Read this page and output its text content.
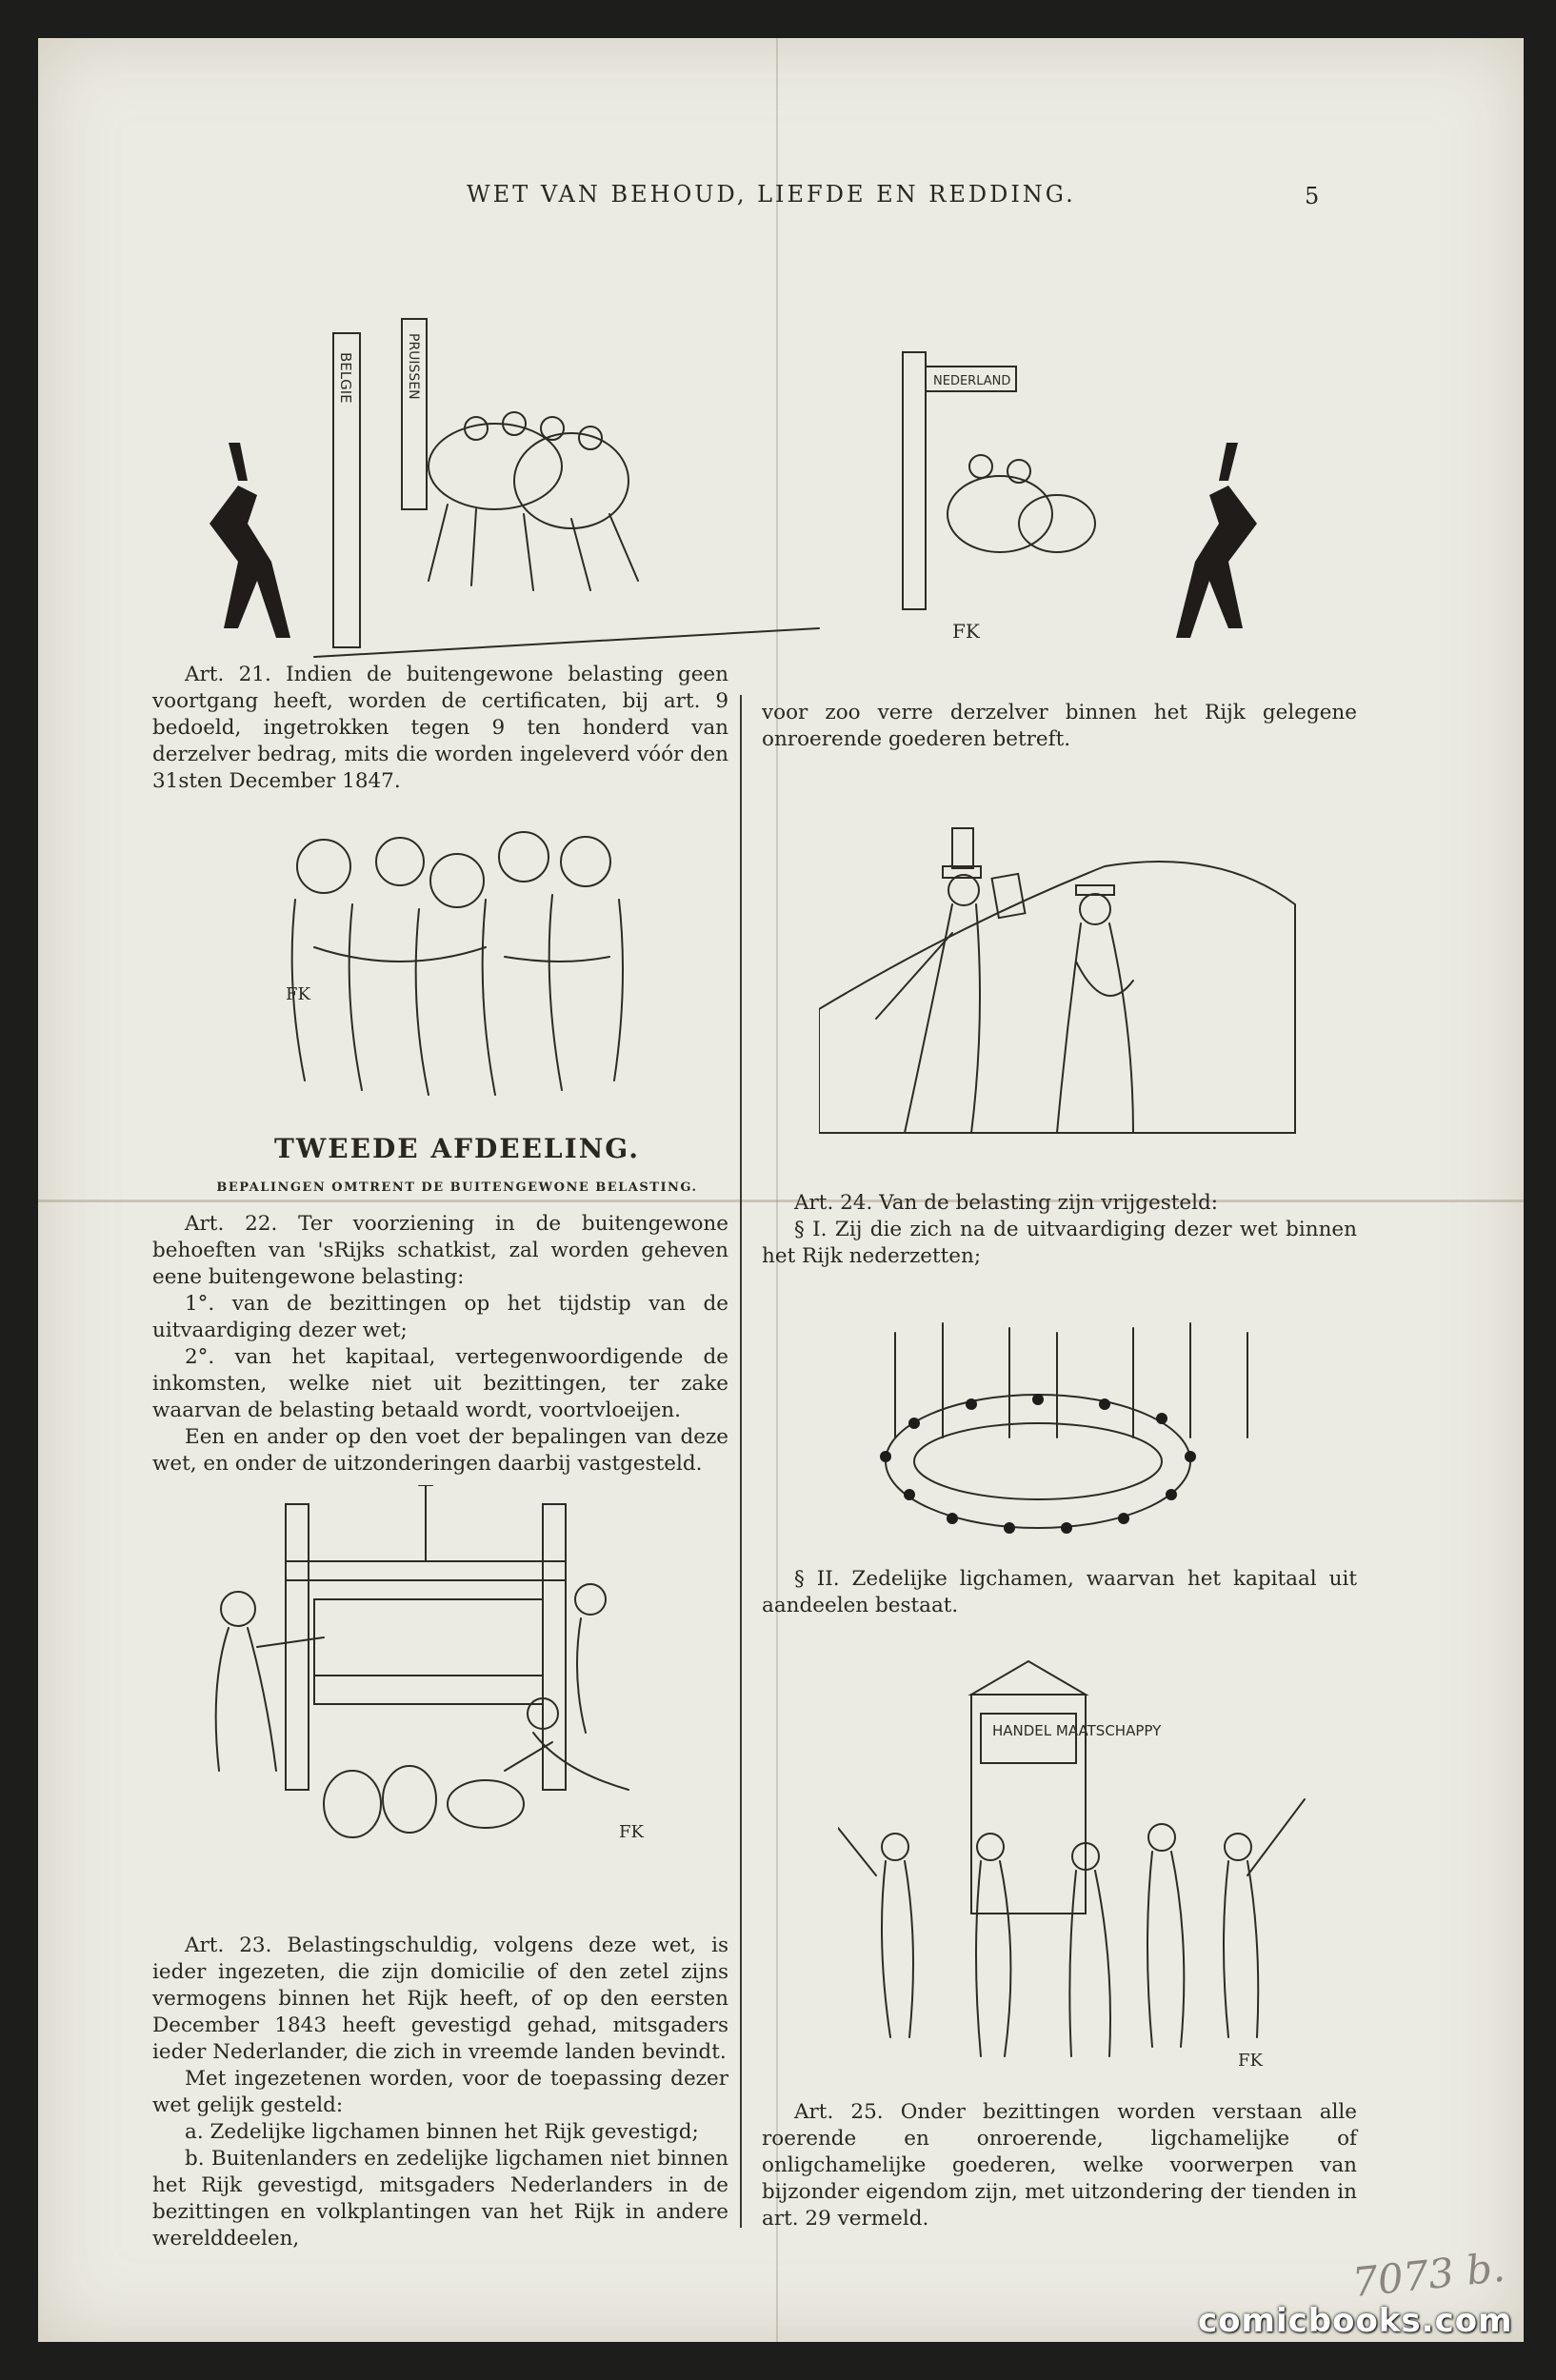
WET VAN BEHOUD, LIEFDE EN REDDING.	5
BELGIE	PRUISSEN	NEDERLAND
FK

Art. 21. Indien de buitengewone belasting geen voortgang heeft, worden de certificaten, bij art. 9 bedoeld, ingetrokken tegen 9 ten honderd van derzelver bedrag, mits die worden ingeleverd vóór den 31sten December 1847.

FK
TWEEDE AFDEELING.
BEPALINGEN OMTRENT DE BUITENGEWONE BELASTING.

Art. 22. Ter voorziening in de buitengewone behoeften van 'sRijks schatkist, zal worden geheven eene buitengewone belasting:

1°. van de bezittingen op het tijdstip van de uitvaardiging dezer wet;

2°. van het kapitaal, vertegenwoordigende de inkomsten, welke niet uit bezittingen, ter zake waarvan de belasting betaald wordt, voortvloeijen.

Een en ander op den voet der bepalingen van deze wet, en onder de uitzonderingen daarbij vastgesteld.

FK

Art. 23. Belastingschuldig, volgens deze wet, is ieder ingezeten, die zijn domicilie of den zetel zijns vermogens binnen het Rijk heeft, of op den eersten December 1843 heeft gevestigd gehad, mitsgaders ieder Nederlander, die zich in vreemde landen bevindt.

Met ingezetenen worden, voor de toepassing dezer wet gelijk gesteld:

a. Zedelijke ligchamen binnen het Rijk gevestigd;

b. Buitenlanders en zedelijke ligchamen niet binnen het Rijk gevestigd, mitsgaders Nederlanders in de bezittingen en volkplantingen van het Rijk in andere werelddeelen,

voor zoo verre derzelver binnen het Rijk gelegene onroerende goederen betreft.

Art. 24. Van de belasting zijn vrijgesteld:

§ I. Zij die zich na de uitvaardiging dezer wet binnen het Rijk nederzetten;

§ II. Zedelijke ligchamen, waarvan het kapitaal uit aandeelen bestaat.

HANDEL MAATSCHAPPY
FK

Art. 25. Onder bezittingen worden verstaan alle roerende en onroerende, ligchamelijke of onligchamelijke goederen, welke voorwerpen van bijzonder eigendom zijn, met uitzondering der tienden in art. 29 vermeld.

7073 b.
comicbooks.com
